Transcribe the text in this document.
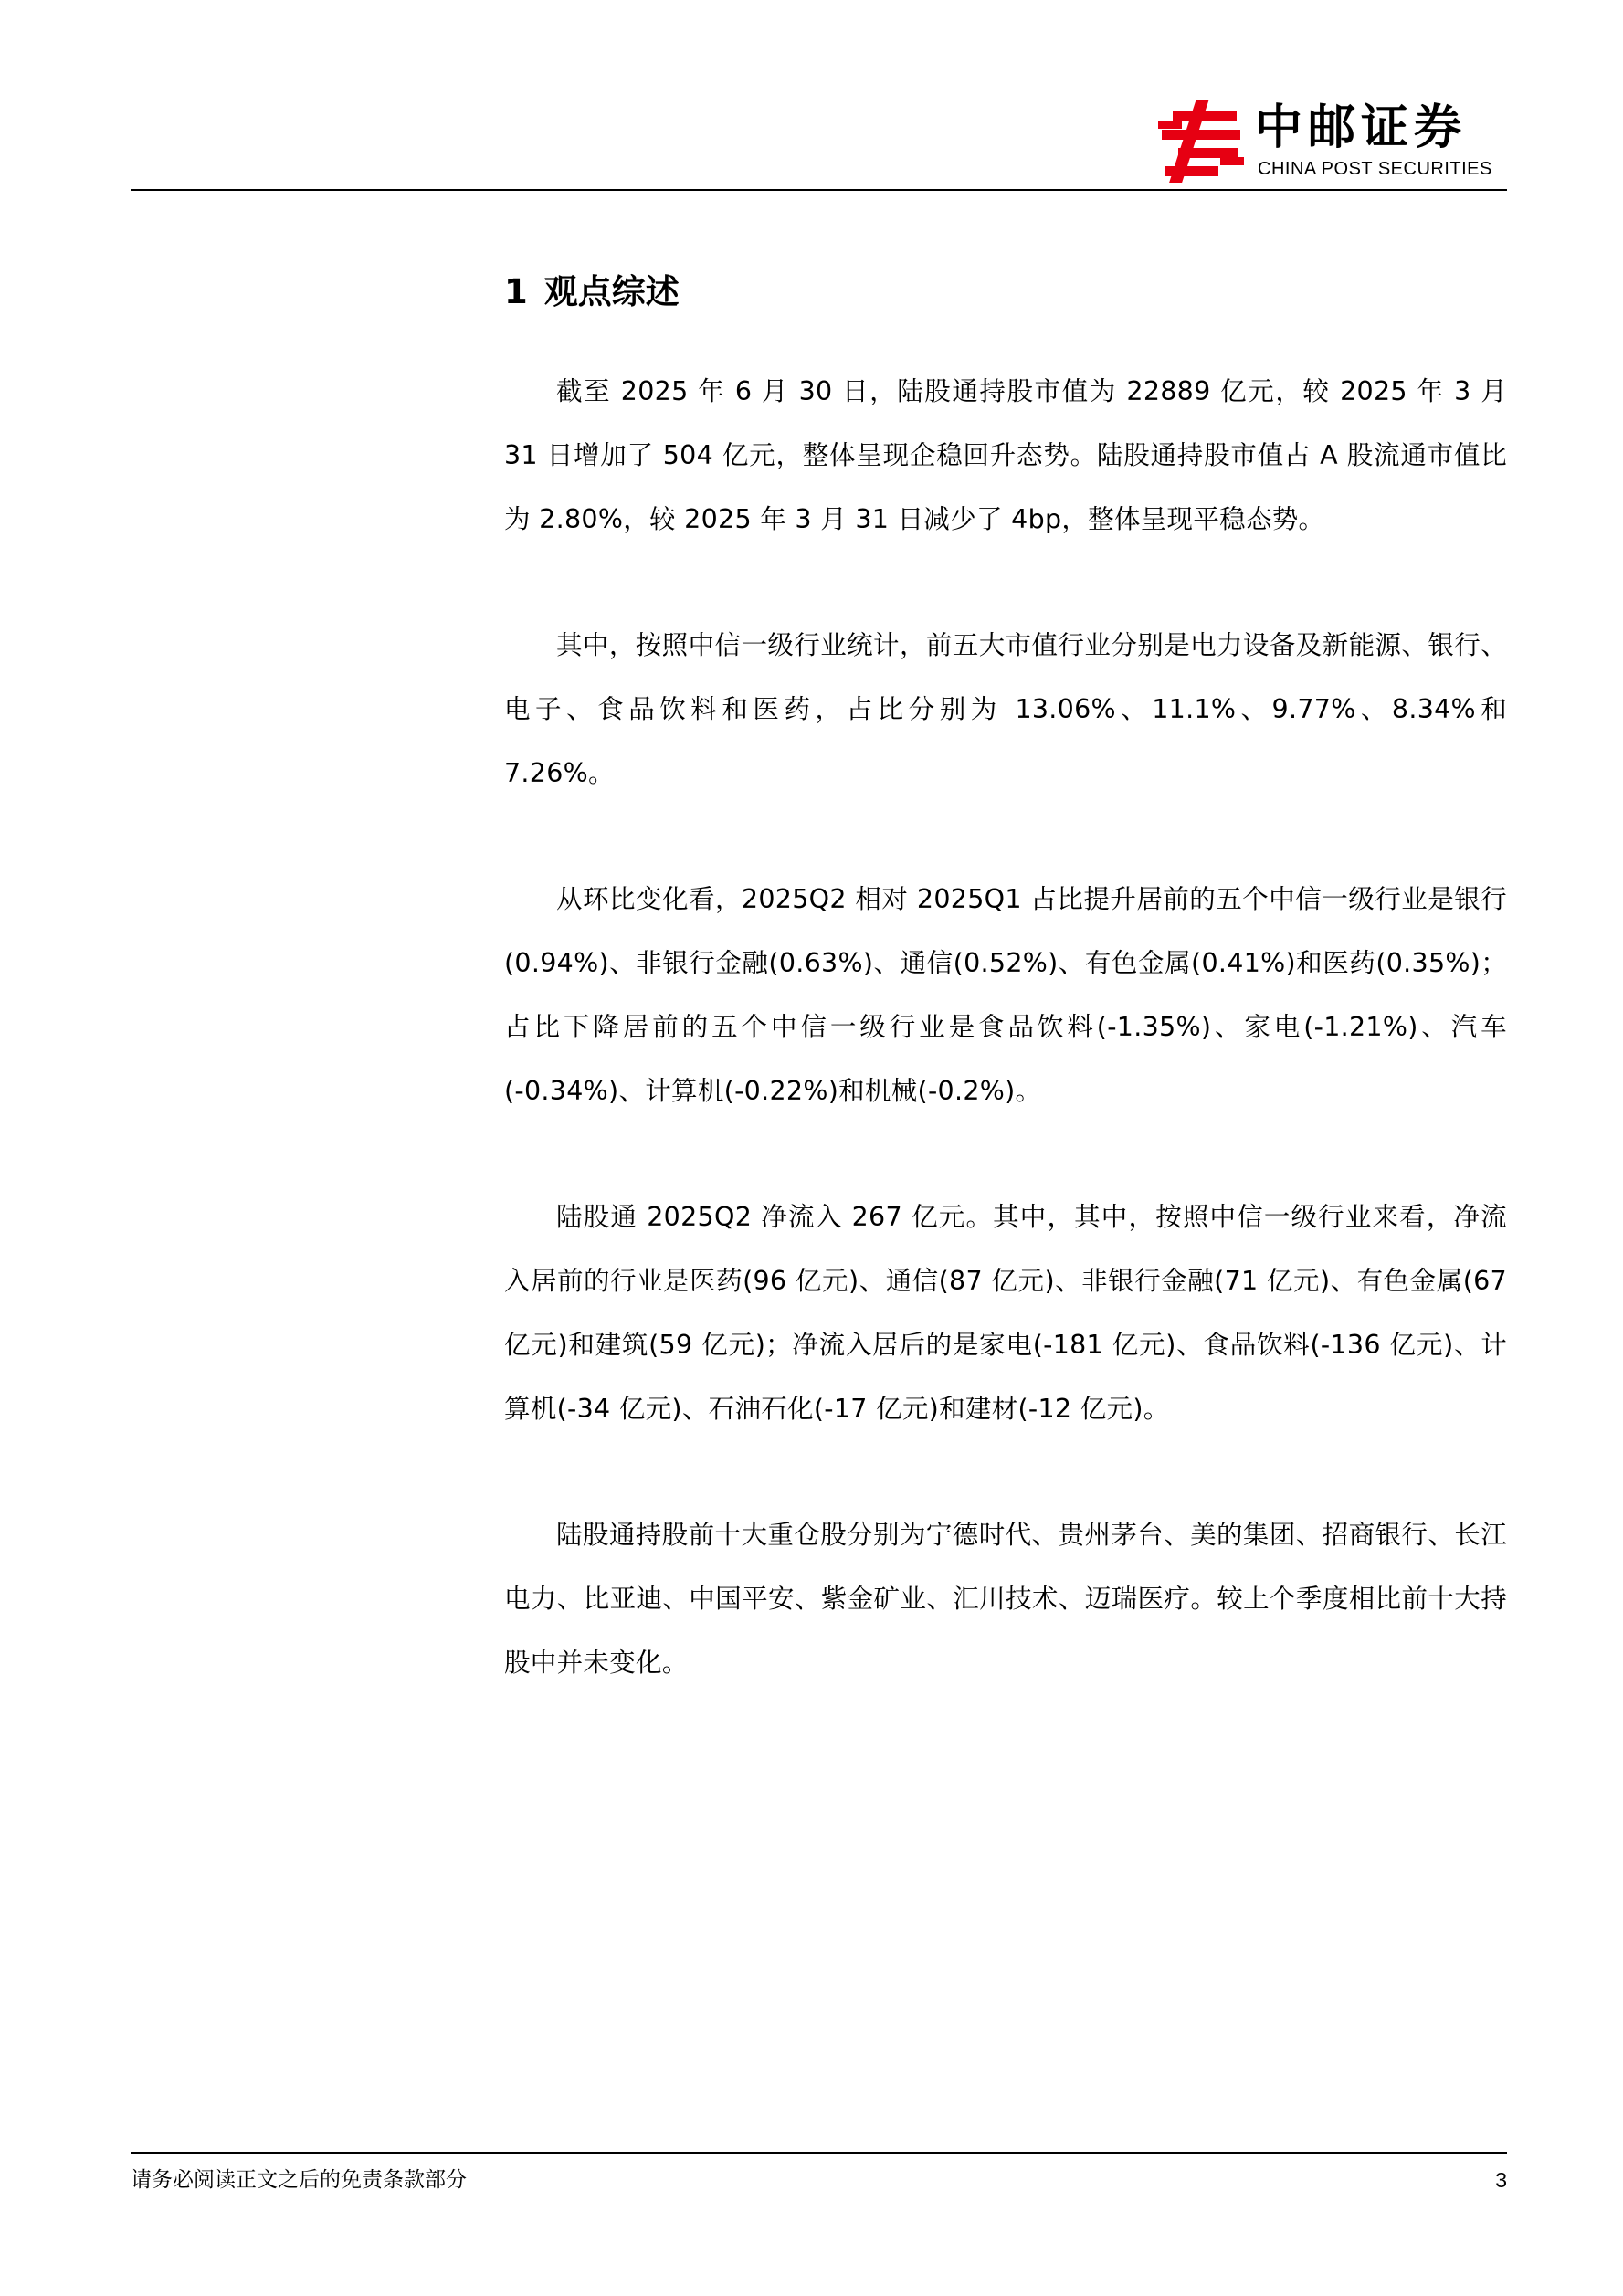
中邮证券
CHINA POST SECURITIES
1 观点综述

截至 2025 年 6 月 30 日，陆股通持股市值为 22889 亿元，较 2025 年 3 月 31 日增加了 504 亿元，整体呈现企稳回升态势。陆股通持股市值占 A 股流通市值比为 2.80%，较 2025 年 3 月 31 日减少了 4bp，整体呈现平稳态势。

其中，按照中信一级行业统计，前五大市值行业分别是电力设备及新能源、银行、电子、食品饮料和医药，占比分别为 13.06%、11.1%、9.77%、8.34%和 7.26%。

从环比变化看，2025Q2 相对 2025Q1 占比提升居前的五个中信一级行业是银行(0.94%)、非银行金融(0.63%)、通信(0.52%)、有色金属(0.41%)和医药(0.35%)；占比下降居前的五个中信一级行业是食品饮料(-1.35%)、家电(-1.21%)、汽车(-0.34%)、计算机(-0.22%)和机械(-0.2%)。

陆股通 2025Q2 净流入 267 亿元。其中，其中，按照中信一级行业来看，净流入居前的行业是医药(96 亿元)、通信(87 亿元)、非银行金融(71 亿元)、有色金属(67 亿元)和建筑(59 亿元)；净流入居后的是家电(-181 亿元)、食品饮料(-136 亿元)、计算机(-34 亿元)、石油石化(-17 亿元)和建材(-12 亿元)。

陆股通持股前十大重仓股分别为宁德时代、贵州茅台、美的集团、招商银行、长江电力、比亚迪、中国平安、紫金矿业、汇川技术、迈瑞医疗。较上个季度相比前十大持股中并未变化。

请务必阅读正文之后的免责条款部分	3
